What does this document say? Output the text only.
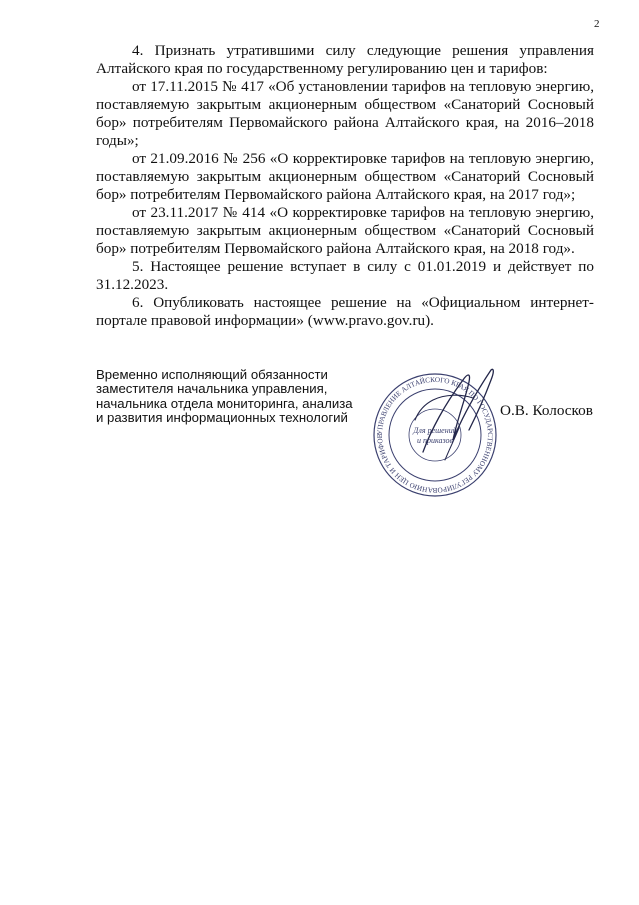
2

4. Признать утратившими силу следующие решения управления Алтайского края по государственному регулированию цен и тарифов:

от 17.11.2015 № 417 «Об установлении тарифов на тепловую энергию, поставляемую закрытым акционерным обществом «Санаторий Сосновый бор» потребителям Первомайского района Алтайского края, на 2016–2018 годы»;

от 21.09.2016 № 256 «О корректировке тарифов на тепловую энергию, поставляемую закрытым акционерным обществом «Санаторий Сосновый бор» потребителям Первомайского района Алтайского края, на 2017 год»;

от 23.11.2017 № 414 «О корректировке тарифов на тепловую энергию, поставляемую закрытым акционерным обществом «Санаторий Сосновый бор» потребителям Первомайского района Алтайского края, на 2018 год».

5. Настоящее решение вступает в силу с 01.01.2019 и действует по 31.12.2023.

6. Опубликовать настоящее решение на «Официальном интернет-портале правовой информации» (www.pravo.gov.ru).

Временно исполняющий обязанности
заместителя начальника управления,
начальника отдела мониторинга, анализа
и развития информационных технологий
УПРАВЛЕНИЕ АЛТАЙСКОГО КРАЯ ПО ГОСУДАРСТВЕННОМУ РЕГУЛИРОВАНИЮ ЦЕН И ТАРИФОВ
Для решений
и приказов
О.В. Колосков
